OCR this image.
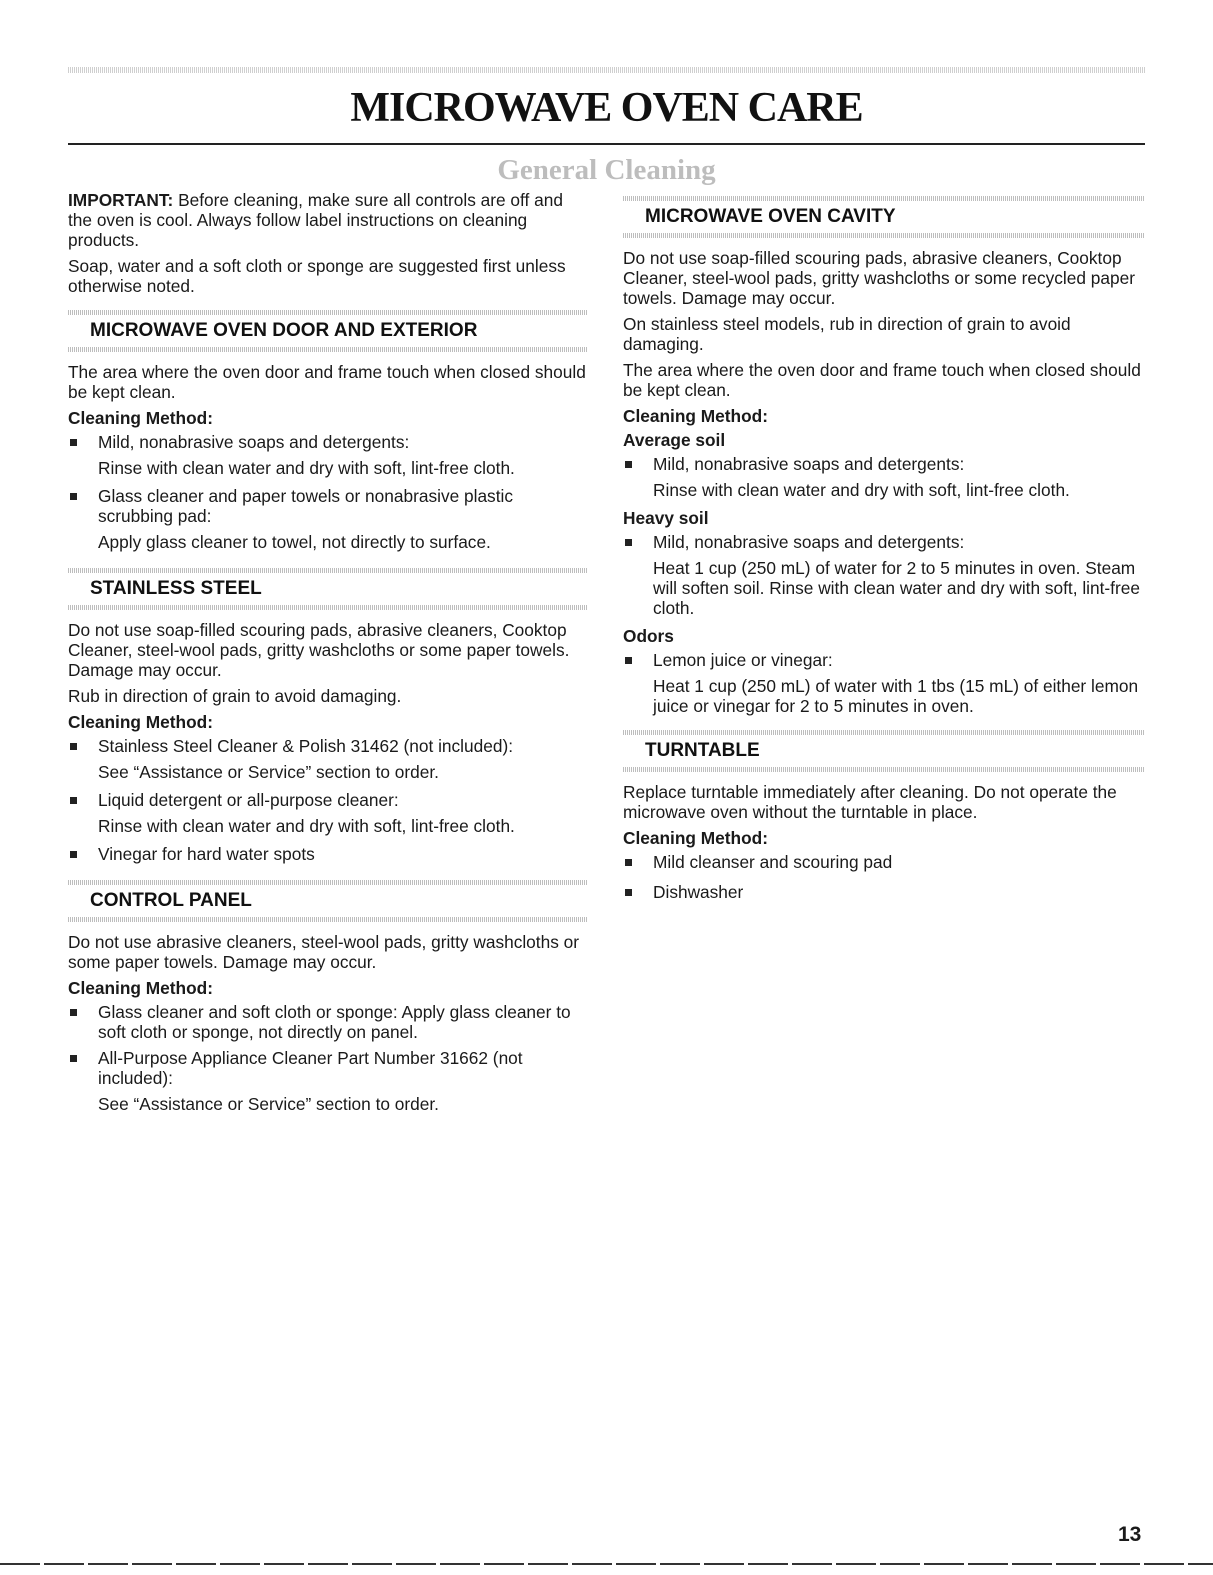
MICROWAVE OVEN CARE
General Cleaning

IMPORTANT: Before cleaning, make sure all controls are off and the oven is cool. Always follow label instructions on cleaning products.

Soap, water and a soft cloth or sponge are suggested first unless otherwise noted.

MICROWAVE OVEN DOOR AND EXTERIOR

The area where the oven door and frame touch when closed should be kept clean.

Cleaning Method:

Mild, nonabrasive soaps and detergents:

Rinse with clean water and dry with soft, lint-free cloth.

Glass cleaner and paper towels or nonabrasive plastic scrubbing pad:

Apply glass cleaner to towel, not directly to surface.

STAINLESS STEEL

Do not use soap-filled scouring pads, abrasive cleaners, Cooktop Cleaner, steel-wool pads, gritty washcloths or some paper towels. Damage may occur.

Rub in direction of grain to avoid damaging.

Cleaning Method:

Stainless Steel Cleaner & Polish 31462 (not included):

See “Assistance or Service” section to order.

Liquid detergent or all-purpose cleaner:

Rinse with clean water and dry with soft, lint-free cloth.

Vinegar for hard water spots
CONTROL PANEL

Do not use abrasive cleaners, steel-wool pads, gritty washcloths or some paper towels. Damage may occur.

Cleaning Method:

Glass cleaner and soft cloth or sponge: Apply glass cleaner to soft cloth or sponge, not directly on panel.
All-Purpose Appliance Cleaner Part Number 31662 (not included):

See “Assistance or Service” section to order.

MICROWAVE OVEN CAVITY

Do not use soap-filled scouring pads, abrasive cleaners, Cooktop Cleaner, steel-wool pads, gritty washcloths or some recycled paper towels. Damage may occur.

On stainless steel models, rub in direction of grain to avoid damaging.

The area where the oven door and frame touch when closed should be kept clean.

Cleaning Method:

Average soil

Mild, nonabrasive soaps and detergents:

Rinse with clean water and dry with soft, lint-free cloth.

Heavy soil

Mild, nonabrasive soaps and detergents:

Heat 1 cup (250 mL) of water for 2 to 5 minutes in oven. Steam will soften soil. Rinse with clean water and dry with soft, lint-free cloth.

Odors

Lemon juice or vinegar:

Heat 1 cup (250 mL) of water with 1 tbs (15 mL) of either lemon juice or vinegar for 2 to 5 minutes in oven.

TURNTABLE

Replace turntable immediately after cleaning. Do not operate the microwave oven without the turntable in place.

Cleaning Method:

Mild cleanser and scouring pad
Dishwasher
13
